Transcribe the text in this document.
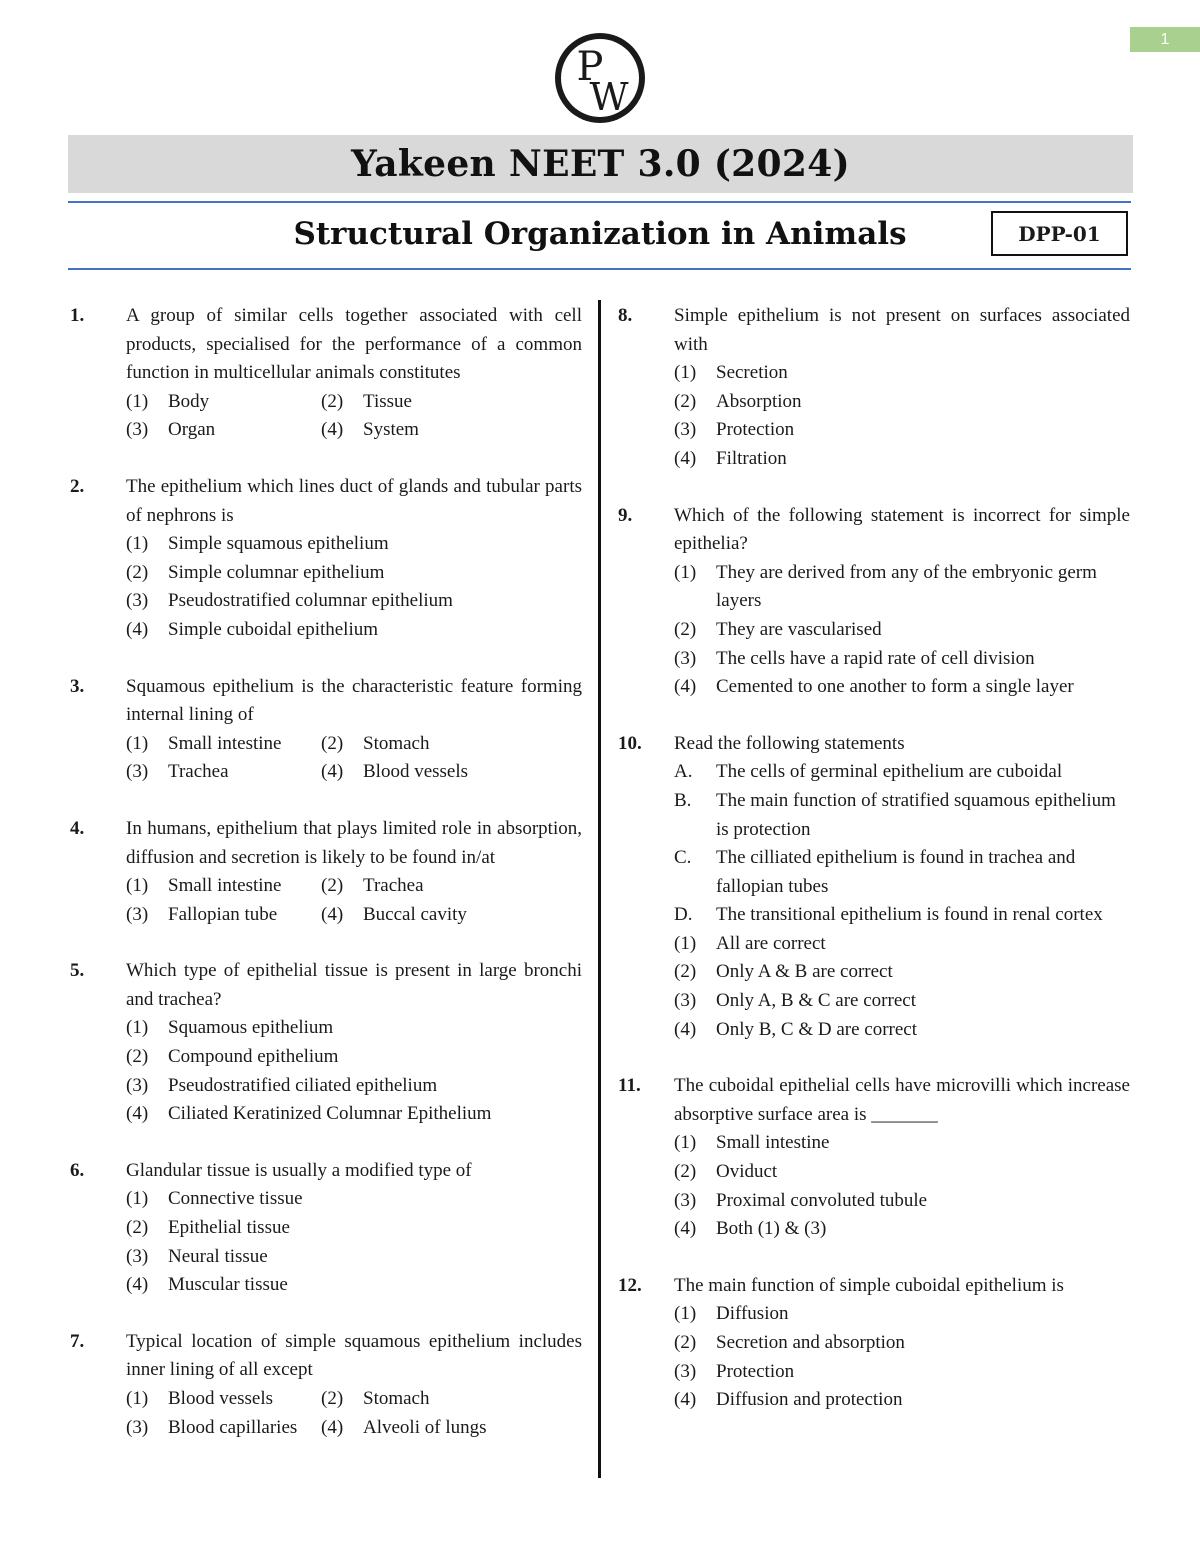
1
P
W
Yakeen NEET 3.0 (2024)
Structural Organization in Animals	DPP-01
1. A group of similar cells together associated with cell products, specialised for the performance of a common function in multicellular animals constitutes
(1) Body	(2) Tissue
(3) Organ	(4) System
2. The epithelium which lines duct of glands and tubular parts of nephrons is
(1) Simple squamous epithelium
(2) Simple columnar epithelium
(3) Pseudostratified columnar epithelium
(4) Simple cuboidal epithelium
3. Squamous epithelium is the characteristic feature forming internal lining of
(1) Small intestine	(2) Stomach
(3) Trachea	(4) Blood vessels
4. In humans, epithelium that plays limited role in absorption, diffusion and secretion is likely to be found in/at
(1) Small intestine	(2) Trachea
(3) Fallopian tube	(4) Buccal cavity
5. Which type of epithelial tissue is present in large bronchi and trachea?
(1) Squamous epithelium
(2) Compound epithelium
(3) Pseudostratified ciliated epithelium
(4) Ciliated Keratinized Columnar Epithelium
6. Glandular tissue is usually a modified type of
(1) Connective tissue
(2) Epithelial tissue
(3) Neural tissue
(4) Muscular tissue
7. Typical location of simple squamous epithelium includes inner lining of all except
(1) Blood vessels	(2) Stomach
(3) Blood capillaries	(4) Alveoli of lungs
8. Simple epithelium is not present on surfaces associated with
(1) Secretion
(2) Absorption
(3) Protection
(4) Filtration
9. Which of the following statement is incorrect for simple epithelia?
(1) They are derived from any of the embryonic germ layers
(2) They are vascularised
(3) The cells have a rapid rate of cell division
(4) Cemented to one another to form a single layer
10. Read the following statements
A. The cells of germinal epithelium are cuboidal
B. The main function of stratified squamous epithelium is protection
C. The cilliated epithelium is found in trachea and fallopian tubes
D. The transitional epithelium is found in renal cortex
(1) All are correct
(2) Only A & B are correct
(3) Only A, B & C are correct
(4) Only B, C & D are correct
11. The cuboidal epithelial cells have microvilli which increase absorptive surface area is _______
(1) Small intestine
(2) Oviduct
(3) Proximal convoluted tubule
(4) Both (1) & (3)
12. The main function of simple cuboidal epithelium is
(1) Diffusion
(2) Secretion and absorption
(3) Protection
(4) Diffusion and protection
